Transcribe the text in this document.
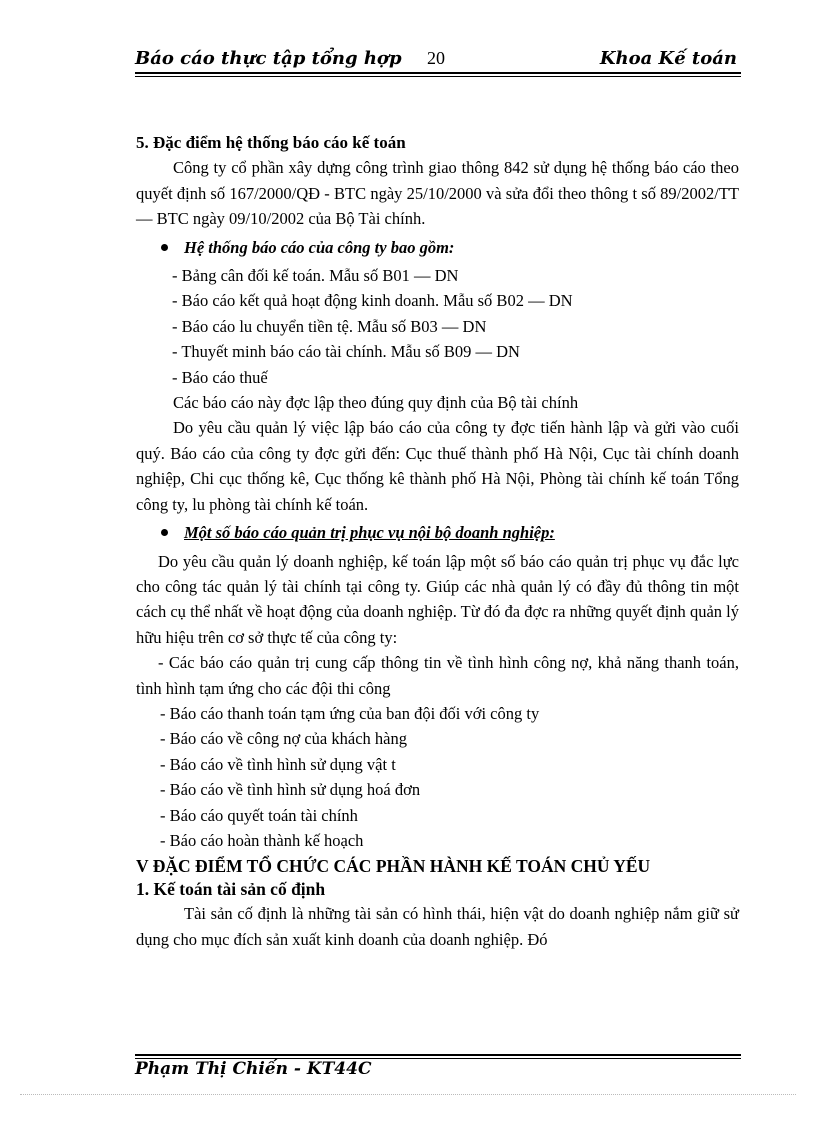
Báo cáo thực tập tổng hợp 20	Khoa Kế toán

5. Đặc điểm hệ thống báo cáo kế toán

Công ty cổ phần xây dựng công trình giao thông 842 sử dụng hệ thống báo cáo theo quyết định số 167/2000/QĐ - BTC ngày 25/10/2000 và sửa đổi theo thông t số 89/2002/TT — BTC ngày 09/10/2002 của Bộ Tài chính.

Hệ thống báo cáo của công ty bao gồm:

- Bảng cân đối kế toán. Mẫu số B01 — DN

- Báo cáo kết quả hoạt động kinh doanh. Mẫu số B02 — DN

- Báo cáo lu chuyển tiền tệ. Mẫu số B03 — DN

- Thuyết minh báo cáo tài chính. Mẫu số B09 — DN

- Báo cáo thuế

Các báo cáo này đợc lập theo đúng quy định của Bộ tài chính

Do yêu cầu quản lý việc lập báo cáo của công ty đợc tiến hành lập và gửi vào cuối quý. Báo cáo của công ty đợc gửi đến: Cục thuế thành phố Hà Nội, Cục tài chính doanh nghiệp, Chi cục thống kê, Cục thống kê thành phố Hà Nội, Phòng tài chính kế toán Tổng công ty, lu phòng tài chính kế toán.

Một số báo cáo quản trị phục vụ nội bộ doanh nghiệp:

Do yêu cầu quản lý doanh nghiệp, kế toán lập một số báo cáo quản trị phục vụ đắc lực cho công tác quản lý tài chính tại công ty. Giúp các nhà quản lý có đầy đủ thông tin một cách cụ thể nhất về hoạt động của doanh nghiệp. Từ đó đa đợc ra những quyết định quản lý hữu hiệu trên cơ sở thực tế của công ty:

- Các báo cáo quản trị cung cấp thông tin về tình hình công nợ, khả năng thanh toán, tình hình tạm ứng cho các đội thi công

- Báo cáo thanh toán tạm ứng của ban đội đối với công ty

- Báo cáo về công nợ của khách hàng

- Báo cáo về tình hình sử dụng vật t

- Báo cáo về tình hình sử dụng hoá đơn

- Báo cáo quyết toán tài chính

- Báo cáo hoàn thành kế hoạch

V ĐẶC ĐIỂM TỔ CHỨC CÁC PHẦN HÀNH KẾ TOÁN CHỦ YẾU

1. Kế toán tài sản cố định

Tài sản cố định là những tài sản có hình thái, hiện vật do doanh nghiệp nắm giữ sử dụng cho mục đích sản xuất kinh doanh của doanh nghiệp. Đó

Phạm Thị Chiến - KT44C
